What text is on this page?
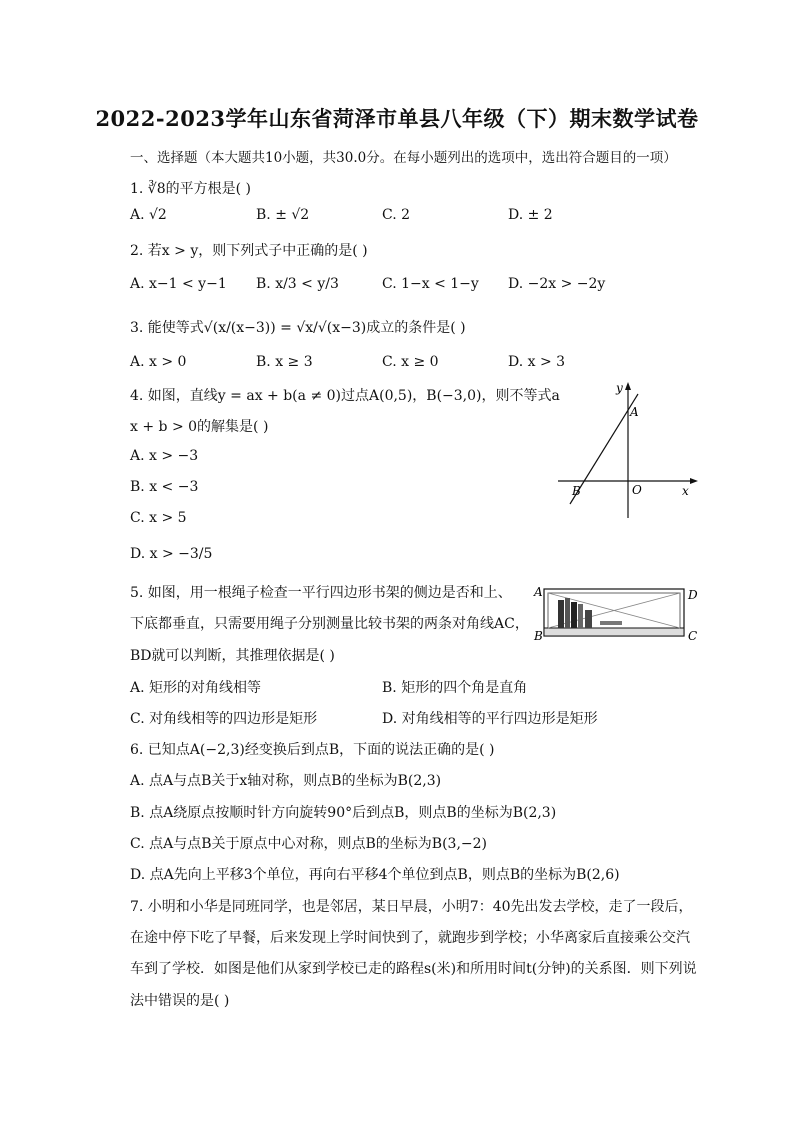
2022-2023学年山东省菏泽市单县八年级（下）期末数学试卷
一、选择题（本大题共10小题，共30.0分。在每小题列出的选项中，选出符合题目的一项）
1. ∛8的平方根是( )
A. √2	B. ± √2	C. 2	D. ± 2
2. 若x > y，则下列式子中正确的是( )
A. x−1 < y−1 B. x/3 < y/3	C. 1−x < 1−y D. −2x > −2y
3. 能使等式√(x/(x−3)) = √x/√(x−3)成立的条件是( )
A. x > 0	B. x ≥ 3	C. x ≥ 0	D. x > 3
4. 如图，直线y = ax + b(a ≠ 0)过点A(0,5)，B(−3,0)，则不等式a
x + b > 0的解集是( )
A. x > −3
B. x < −3
C. x > 5
D. x > −3/5
y
A
B	O	x
5. 如图，用一根绳子检查一平行四边形书架的侧边是否和上、
下底都垂直，只需要用绳子分别测量比较书架的两条对角线AC，
BD就可以判断，其推理依据是( )
A. 矩形的对角线相等	B. 矩形的四个角是直角
C. 对角线相等的四边形是矩形	D. 对角线相等的平行四边形是矩形
A	D
B	C
6. 已知点A(−2,3)经变换后到点B，下面的说法正确的是( )
A. 点A与点B关于x轴对称，则点B的坐标为B(2,3)
B. 点A绕原点按顺时针方向旋转90°后到点B，则点B的坐标为B(2,3)
C. 点A与点B关于原点中心对称，则点B的坐标为B(3,−2)
D. 点A先向上平移3个单位，再向右平移4个单位到点B，则点B的坐标为B(2,6)
7. 小明和小华是同班同学，也是邻居，某日早晨，小明7：40先出发去学校，走了一段后，
在途中停下吃了早餐，后来发现上学时间快到了，就跑步到学校；小华离家后直接乘公交汽
车到了学校．如图是他们从家到学校已走的路程s(米)和所用时间t(分钟)的关系图．则下列说
法中错误的是( )
